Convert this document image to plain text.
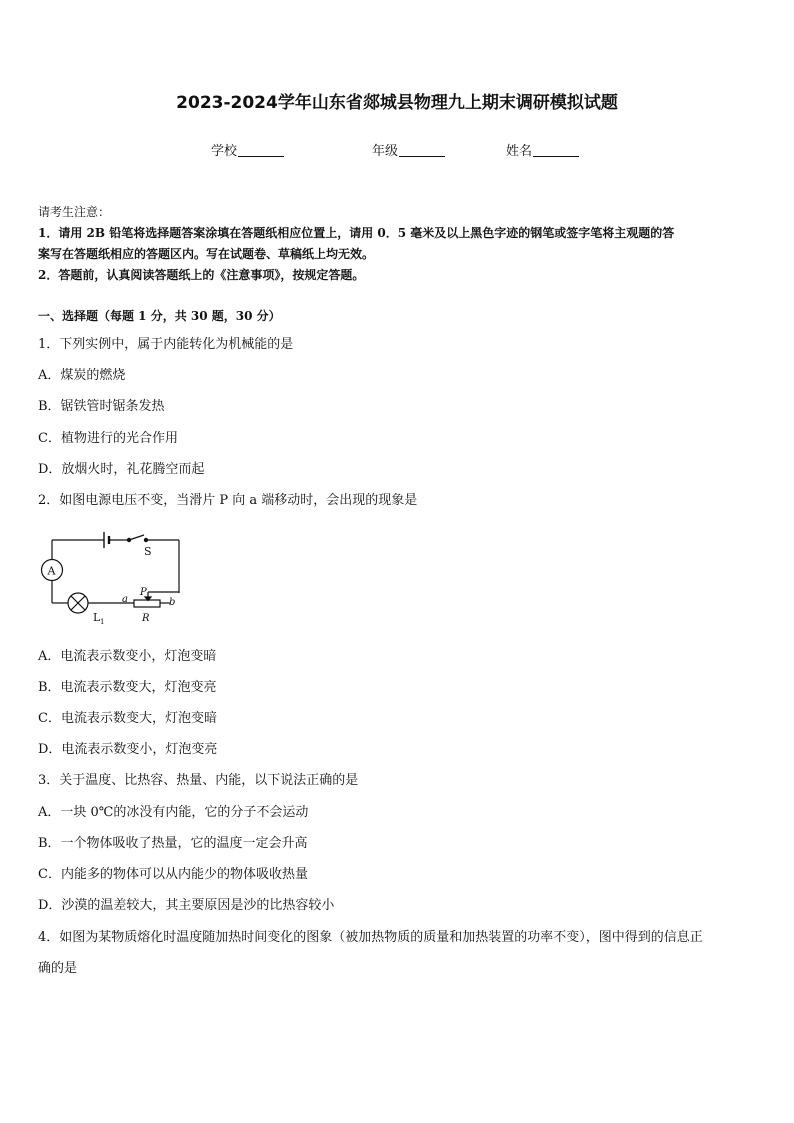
2023-2024学年山东省郯城县物理九上期末调研模拟试题
学校	年级	姓名
请考生注意：
1．请用 2B 铅笔将选择题答案涂填在答题纸相应位置上，请用 0．5 毫米及以上黑色字迹的钢笔或签字笔将主观题的答
案写在答题纸相应的答题区内。写在试题卷、草稿纸上均无效。
2．答题前，认真阅读答题纸上的《注意事项》，按规定答题。
一、选择题（每题 1 分，共 30 题，30 分）
1．下列实例中，属于内能转化为机械能的是
A．煤炭的燃烧
B．锯铁管时锯条发热
C．植物进行的光合作用
D．放烟火时，礼花腾空而起
2．如图电源电压不变，当滑片 P 向 a 端移动时，会出现的现象是
A
S
L 1
P
a	b
R
A．电流表示数变小，灯泡变暗
B．电流表示数变大，灯泡变亮
C．电流表示数变大，灯泡变暗
D．电流表示数变小，灯泡变亮
3．关于温度、比热容、热量、内能，以下说法正确的是
A．一块 0℃的冰没有内能，它的分子不会运动
B．一个物体吸收了热量，它的温度一定会升高
C．内能多的物体可以从内能少的物体吸收热量
D．沙漠的温差较大，其主要原因是沙的比热容较小
4．如图为某物质熔化时温度随加热时间变化的图象（被加热物质的质量和加热装置的功率不变），图中得到的信息正
确的是
